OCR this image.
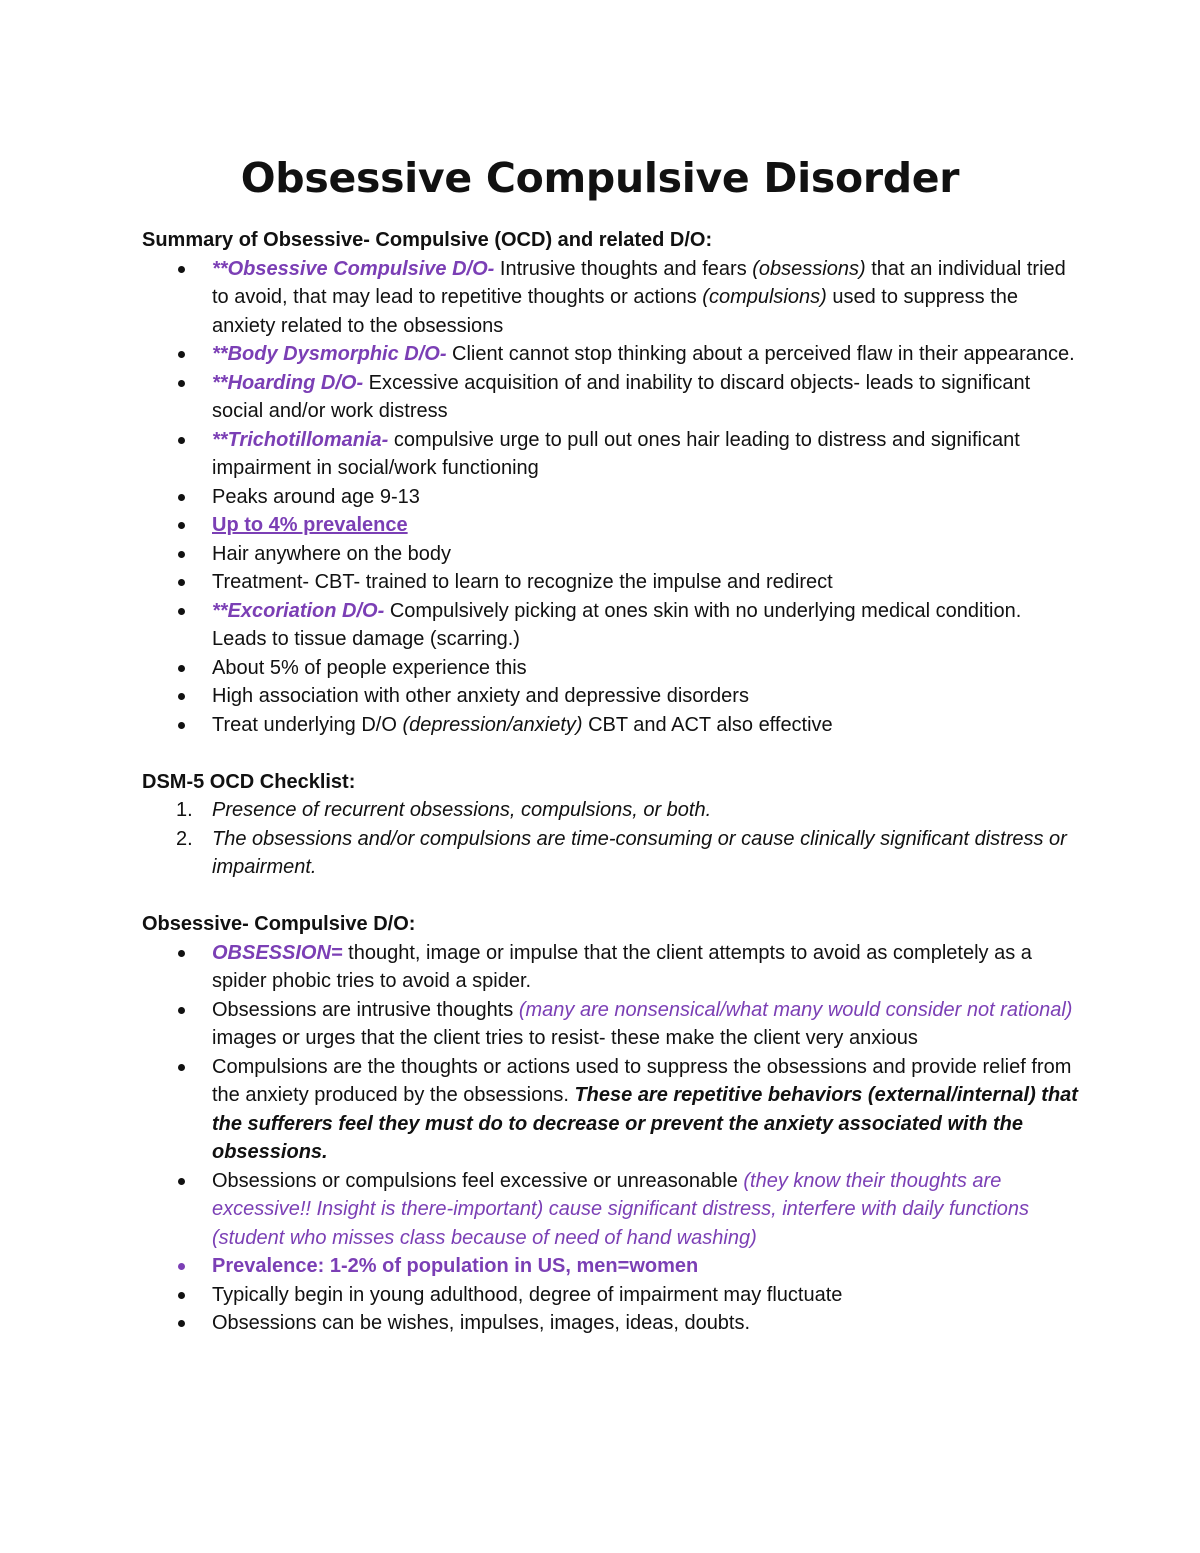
Obsessive Compulsive Disorder

Summary of Obsessive- Compulsive (OCD) and related D/O:

**Obsessive Compulsive D/O- Intrusive thoughts and fears (obsessions) that an individual tried to avoid, that may lead to repetitive thoughts or actions (compulsions) used to suppress the anxiety related to the obsessions
**Body Dysmorphic D/O- Client cannot stop thinking about a perceived flaw in their appearance.
**Hoarding D/O- Excessive acquisition of and inability to discard objects- leads to significant social and/or work distress
**Trichotillomania- compulsive urge to pull out ones hair leading to distress and significant impairment in social/work functioning
Peaks around age 9-13
Up to 4% prevalence
Hair anywhere on the body
Treatment- CBT- trained to learn to recognize the impulse and redirect
**Excoriation D/O- Compulsively picking at ones skin with no underlying medical condition. Leads to tissue damage (scarring.)
About 5% of people experience this
High association with other anxiety and depressive disorders
Treat underlying D/O (depression/anxiety) CBT and ACT also effective

DSM-5 OCD Checklist:

1. Presence of recurrent obsessions, compulsions, or both.
2. The obsessions and/or compulsions are time-consuming or cause clinically significant distress or impairment.

Obsessive- Compulsive D/O:

OBSESSION= thought, image or impulse that the client attempts to avoid as completely as a spider phobic tries to avoid a spider.
Obsessions are intrusive thoughts (many are nonsensical/what many would consider not rational) images or urges that the client tries to resist- these make the client very anxious
Compulsions are the thoughts or actions used to suppress the obsessions and provide relief from the anxiety produced by the obsessions. These are repetitive behaviors (external/internal) that the sufferers feel they must do to decrease or prevent the anxiety associated with the obsessions.
Obsessions or compulsions feel excessive or unreasonable (they know their thoughts are excessive!! Insight is there-important) cause significant distress, interfere with daily functions (student who misses class because of need of hand washing)
Prevalence: 1-2% of population in US, men=women
Typically begin in young adulthood, degree of impairment may fluctuate
Obsessions can be wishes, impulses, images, ideas, doubts.
